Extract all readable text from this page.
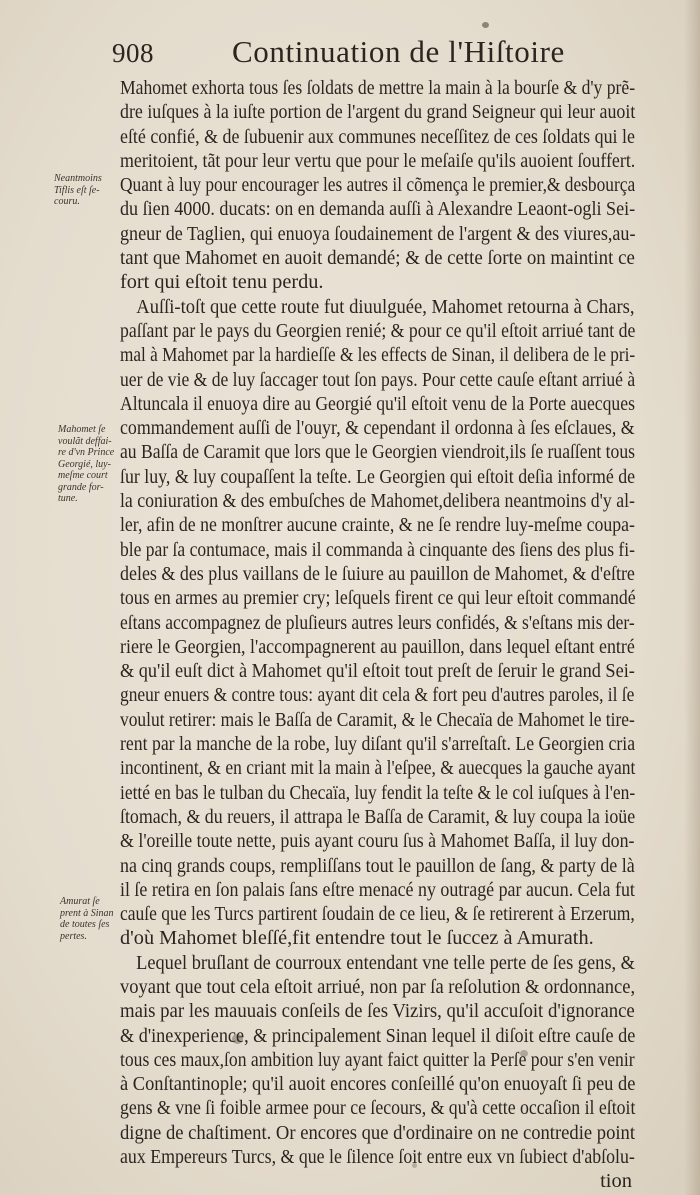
908	Continuation de l'Hiſtoire
Mahomet exhorta tous ſes ſoldats de mettre la main à la bourſe & d'y prẽ-
dre iuſques à la iuſte portion de l'argent du grand Seigneur qui leur auoit
eſté confié, & de ſubuenir aux communes neceſſitez de ces ſoldats qui le
meritoient, tãt pour leur vertu que pour le meſaiſe qu'ils auoient ſouffert.
Quant à luy pour encourager les autres il cõmença le premier,& desbourça
du ſien 4000. ducats: on en demanda auſſi à Alexandre Leaont-ogli Sei-
gneur de Taglien, qui enuoya ſoudainement de l'argent & des viures,au-
tant que Mahomet en auoit demandé; & de cette ſorte on maintint ce
fort qui eſtoit tenu perdu.
Auſſi-toſt que cette route fut diuulguée, Mahomet retourna à Chars,
paſſant par le pays du Georgien renié; & pour ce qu'il eſtoit arriué tant de
mal à Mahomet par la hardieſſe & les effects de Sinan, il delibera de le pri-
uer de vie & de luy ſaccager tout ſon pays. Pour cette cauſe eſtant arriué à
Altuncala il enuoya dire au Georgié qu'il eſtoit venu de la Porte auecques
commandement auſſi de l'ouyr, & cependant il ordonna à ſes eſclaues, &
au Baſſa de Caramit que lors que le Georgien viendroit,ils ſe ruaſſent tous
ſur luy, & luy coupaſſent la teſte. Le Georgien qui eſtoit deſia informé de
la coniuration & des embuſches de Mahomet,delibera neantmoins d'y al-
ler, afin de ne monſtrer aucune crainte, & ne ſe rendre luy-meſme coupa-
ble par ſa contumace, mais il commanda à cinquante des ſiens des plus fi-
deles & des plus vaillans de le ſuiure au pauillon de Mahomet, & d'eſtre
tous en armes au premier cry; leſquels firent ce qui leur eſtoit commandé
eſtans accompagnez de pluſieurs autres leurs confidés, & s'eſtans mis der-
riere le Georgien, l'accompagnerent au pauillon, dans lequel eſtant entré
& qu'il euſt dict à Mahomet qu'il eſtoit tout preſt de ſeruir le grand Sei-
gneur enuers & contre tous: ayant dit cela & fort peu d'autres paroles, il ſe
voulut retirer: mais le Baſſa de Caramit, & le Checaïa de Mahomet le tire-
rent par la manche de la robe, luy diſant qu'il s'arreſtaſt. Le Georgien cria
incontinent, & en criant mit la main à l'eſpee, & auecques la gauche ayant
ietté en bas le tulban du Checaïa, luy fendit la teſte & le col iuſques à l'en-
ſtomach, & du reuers, il attrapa le Baſſa de Caramit, & luy coupa la ioüe
& l'oreille toute nette, puis ayant couru ſus à Mahomet Baſſa, il luy don-
na cinq grands coups, rempliſſans tout le pauillon de ſang, & party de là
il ſe retira en ſon palais ſans eſtre menacé ny outragé par aucun. Cela fut
cauſe que les Turcs partirent ſoudain de ce lieu, & ſe retirerent à Erzerum,
d'où Mahomet bleſſé,fit entendre tout le ſuccez à Amurath.
Lequel bruſlant de courroux entendant vne telle perte de ſes gens, &
voyant que tout cela eſtoit arriué, non par ſa reſolution & ordonnance,
mais par les mauuais conſeils de ſes Vizirs, qu'il accuſoit d'ignorance
& d'inexperience, & principalement Sinan lequel il diſoit eſtre cauſe de
tous ces maux,ſon ambition luy ayant faict quitter la Perſe pour s'en venir
à Conſtantinople; qu'il auoit encores conſeillé qu'on enuoyaſt ſi peu de
gens & vne ſi foible armee pour ce ſecours, & qu'à cette occaſion il eſtoit
digne de chaſtiment. Or encores que d'ordinaire on ne contredie point
aux Empereurs Turcs, & que le ſilence ſoit entre eux vn ſubiect d'abſolu-
tion
Neantmoins
Tiflis eſt ſe-
couru.
Mahomet ſe
voulãt deffai-
re d'vn Prince
Georgié, luy-
meſme court
grande for-
tune.
Amurat ſe
prent à Sinan
de toutes ſes
pertes.
